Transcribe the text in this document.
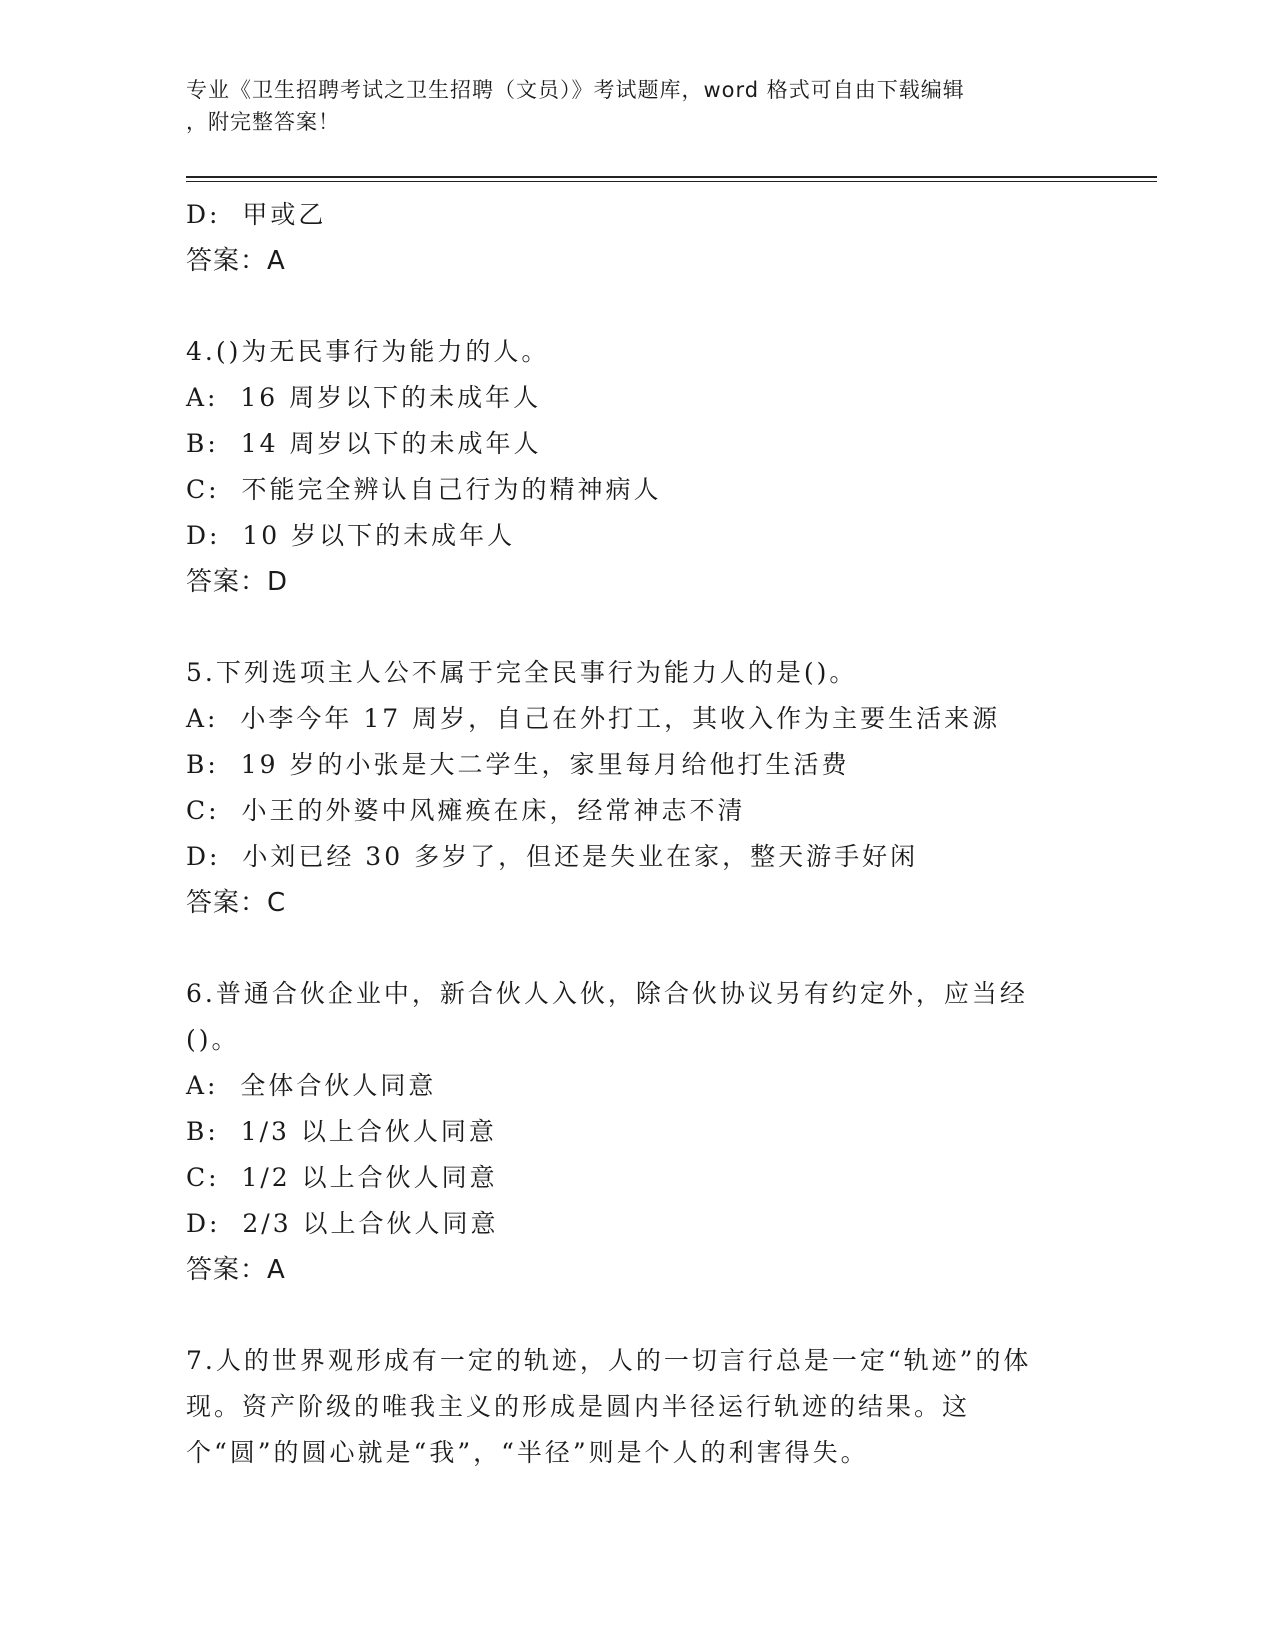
专业《卫生招聘考试之卫生招聘（文员）》考试题库，word 格式可自由下载编辑
，附完整答案！
D:  甲或乙
答案：A
4.()为无民事行为能力的人。
A:  16 周岁以下的未成年人
B:  14 周岁以下的未成年人
C:  不能完全辨认自己行为的精神病人
D:  10 岁以下的未成年人
答案：D
5.下列选项主人公不属于完全民事行为能力人的是()。
A:  小李今年 17 周岁，自己在外打工，其收入作为主要生活来源
B:  19 岁的小张是大二学生，家里每月给他打生活费
C:  小王的外婆中风瘫痪在床，经常神志不清
D:  小刘已经 30 多岁了，但还是失业在家，整天游手好闲
答案：C
6.普通合伙企业中，新合伙人入伙，除合伙协议另有约定外，应当经()。
A:  全体合伙人同意
B:  1/3 以上合伙人同意
C:  1/2 以上合伙人同意
D:  2/3 以上合伙人同意
答案：A
7.人的世界观形成有一定的轨迹，人的一切言行总是一定“轨迹”的体现。资产阶级的唯我主义的形成是圆内半径运行轨迹的结果。这个“圆”的圆心就是“我”，“半径”则是个人的利害得失。
